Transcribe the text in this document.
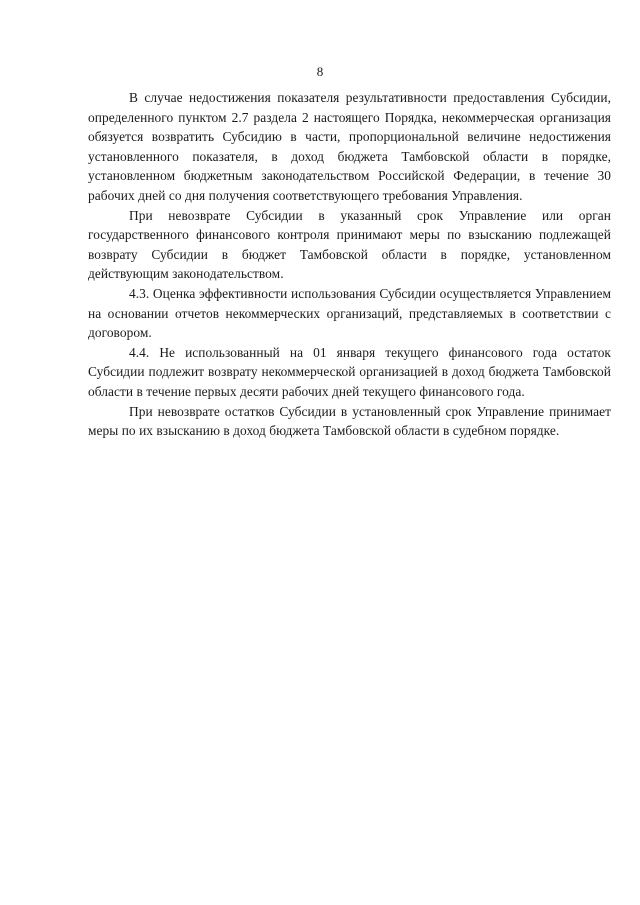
8

В случае недостижения показателя результативности предоставления Субсидии, определенного пунктом 2.7 раздела 2 настоящего Порядка, некоммерческая организация обязуется возвратить Субсидию в части, пропорциональной величине недостижения установленного показателя, в доход бюджета Тамбовской области в порядке, установленном бюджетным законодательством Российской Федерации, в течение 30 рабочих дней со дня получения соответствующего требования Управления.

При невозврате Субсидии в указанный срок Управление или орган государственного финансового контроля принимают меры по взысканию подлежащей возврату Субсидии в бюджет Тамбовской области в порядке, установленном действующим законодательством.

4.3. Оценка эффективности использования Субсидии осуществляется Управлением на основании отчетов некоммерческих организаций, представляемых в соответствии с договором.

4.4. Не использованный на 01 января текущего финансового года остаток Субсидии подлежит возврату некоммерческой организацией в доход бюджета Тамбовской области в течение первых десяти рабочих дней текущего финансового года.

При невозврате остатков Субсидии в установленный срок Управление принимает меры по их взысканию в доход бюджета Тамбовской области в судебном порядке.
